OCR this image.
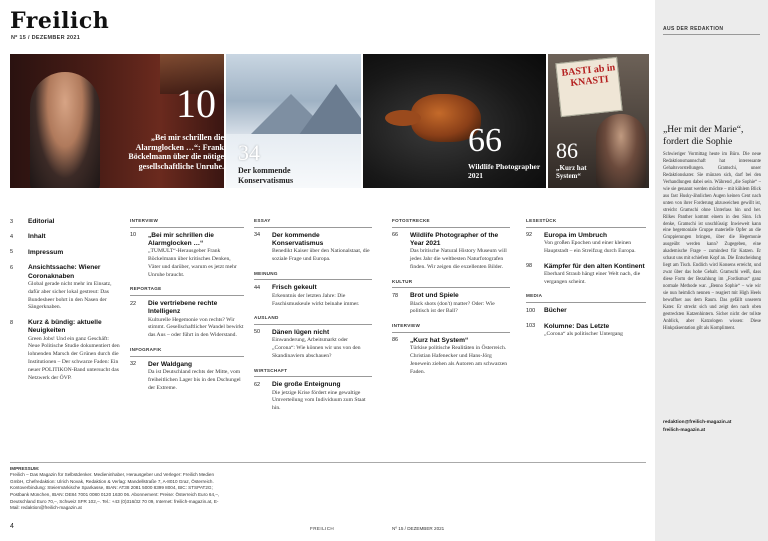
Freilich
Nº 15 / DEZEMBER 2021
10
„Bei mir schrillen die Alarmglocken …“: Frank Böckelmann über die nötige gesellschaftliche Unruhe.
34
Der kommende Konservatismus
66
Wildlife Photographer 2021
BASTI ab in KNASTI
86
„Kurz hat System“
3	Editorial
4	Inhalt
5	Impressum
6	Ansichtssache: Wiener Coronaknaben
Global gerade nicht mehr im Einsatz, dafür aber sicher lokal gestreut: Das Bundesheer bohrt in den Nasen der Sängerknaben.
8	Kurz & bündig: aktuelle Neuigkeiten
Green Jobs! Und ein ganz Geschäft: Neue Politische Studie dokumentiert den lohnenden Marsch der Grünen durch die Institutionen – Der schwarze Faden: Ein neuer POLITIKON-Band untersucht das Netzwerk der ÖVP.
INTERVIEW
10	„Bei mir schrillen die Alarmglocken …“
„TUMULT“-Herausgeber Frank Böckelmann über kritisches Denken, Väter und darüber, warum es jetzt mehr Unruhe braucht.
REPORTAGE
22	Die vertriebene rechte Intelligenz
Kulturelle Hegemonie von rechts? Wir stimmt. Gesellschaftlicher Wandel bewirkt das Aus – oder führt in den Widerstand.
INFOGRAFIK
32	Der Waldgang
Da ist Deutschland rechts der Mitte, vom freiheitlichen Lager bis in den Dschungel der Extreme.
ESSAY
34	Der kommende Konservatismus
Benedikt Kaiser über den Nationalstaat, die soziale Frage und Europa.
MEINUNG
44	Frisch gekeult
Erkenntnis der letzten Jahre: Die Faschismuskeule wirkt beinahe immer.
AUSLAND
50	Dänen lügen nicht
Einwanderung, Arbeitsmarkt oder „Corona“: Wie können wir uns von den Skandinaviern abschauen?
WIRTSCHAFT
62	Die große Enteignung
Die jetzige Krise fördert eine gewaltige Umverteilung vom Individuum zum Staat hin.
FOTOSTRECKE
66	Wildlife Photographer of the Year 2021
Das britische Natural History Museum will jedes Jahr die weltbesten Naturfotografen finden. Wir zeigen die exzellenten Bilder.
KULTUR
78	Brot und Spiele
Black shots (don't) matter? Oder: Wie politisch ist der Ball?
INTERVIEW
86	„Kurz hat System“
Türkise politische Realitäten in Österreich. Christian Hafenecker und Hans-Jörg Jenewein ziehen als Autoren am schwarzen Faden.
LESESTÜCK
92	Europa im Umbruch
Von großen Epochen und einer kleinen Hauptstadt – ein Streifzug durch Europa.
98	Kämpfer für den alten Kontinent
Eberhard Straub hängt einer Welt nach, die vergangen scheint.
MEDIA
100	Bücher
103	Kolumne: Das Letzte
„Corona“ als politischer Untergang
AUS DER REDAKTION
„Her mit der Marie“, fordert die Sophie
Schwieriger Vormittag heute im Büro. Die neue Redaktionsmannschaft hat interessante Gehaltsvorstellungen. Gramschi, unser Redaktionskater. Sie münzen sich, darf bei den Verhandlungen dabei sein. Während „die Sophie“ – wie sie genannt werden möchte – mit kühlem Blick aus fast Husky-ähnlichen Augen keinen Cent nach unten von ihrer Forderung abzuweichen gewillt ist, streicht Gramschi ohne Unterlass hin und her. Rilkes Panther kommt einem in den Sinn. Ich denke, Gramschi ist unschlüssig: Inwieweit kann eine hegemoniale Gruppe materielle Opfer an die Gruppierungen bringen, über die Hegemonie ausgeübt werden kann? Zugegeben, eine akademische Frage – zumindest für Katzen. Er schaut uns mit schiefem Kopf an. Die Entscheidung liegt am Tisch. Endlich wird Konsens erreicht, und zwar über das hohe Gehalt. Gramschi weiß, dass diese Form der Bezahlung im „Fordismus“ ganz normale Methode war. „Benno Sophie“ – wie wir sie nun heimlich nennen – reagiert mit High Heels bewaffnet aus dem Raum. Das gefällt unserem Kater. Er streckt sich und zeigt den nach oben gestreckten Katzenhintern. Sicher nicht der tollste Anblick, aber Katzologen wissen: Diese Hinkpräsentation gilt als Kompliment.
redaktion@freilich-magazin.at
freilich-magazin.at
IMPRESSUM:
Freilich – Das Magazin für Selbstdenker. Medieninhaber, Herausgeber und Verleger: Freilich Medien GmbH, Chefredaktion: Ulrich Novak, Redaktion & Verlag: Mandellstraße 7, A-8010 Graz, Österreich. Kontoverbindung: Steiermärkische Sparkasse, IBAN: AT38 2081 5000 8399 8004, BIC: STSPAT2G; Postbank München, IBAN: DE84 7001 0080 0120 1630 06. Abonnement: Preise: Österreich Euro 64,–, Deutschland Euro 70,–, Schweiz SFR 102,–. Tel.: +43 (0)316/32 70 09, Internet: freilich-magazin.at, E-Mail: redaktion@freilich-magazin.at
4	FREILICH	Nº 15 / DEZEMBER 2021
